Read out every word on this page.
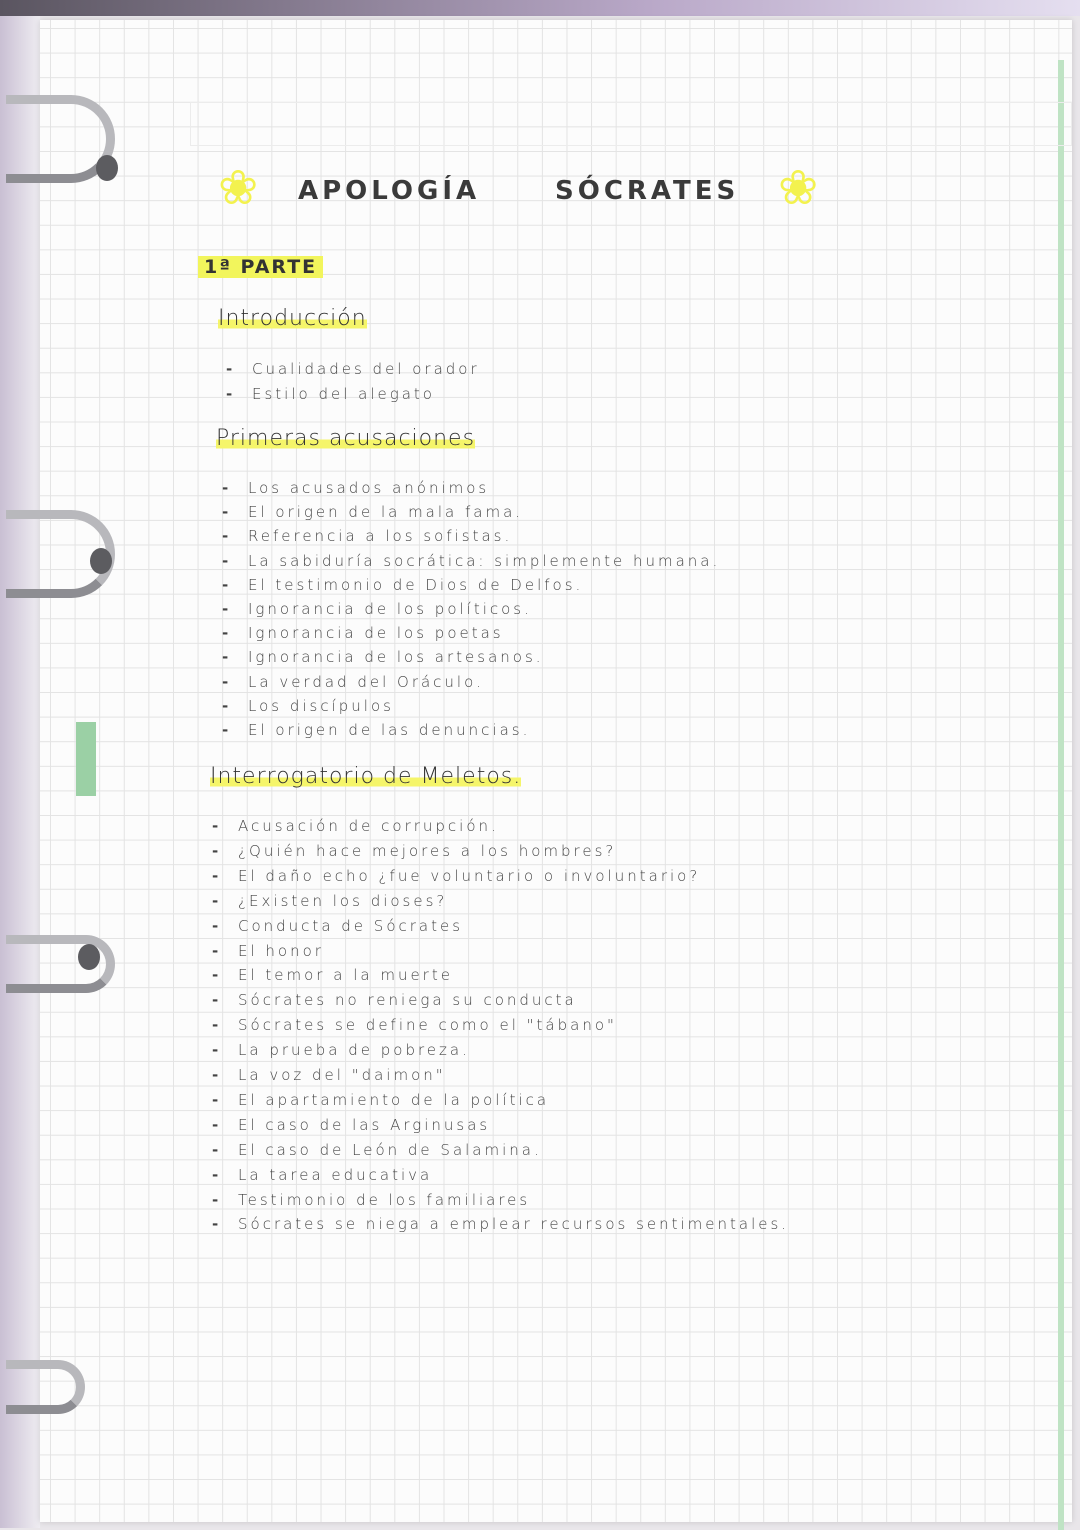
❀ APOLOGÍA	SÓCRATES ❀
1ª PARTE
Introducción
- Cualidades del orador
- Estilo del alegato
Primeras acusaciones
- Los acusados anónimos
- El origen de la mala fama.
- Referencia a los sofistas.
- La sabiduría socrática: simplemente humana.
- El testimonio de Dios de Delfos.
- Ignorancia de los políticos.
- Ignorancia de los poetas
- Ignorancia de los artesanos.
- La verdad del Oráculo.
- Los discípulos
- El origen de las denuncias.
Interrogatorio de Meletos.
- Acusación de corrupción.
- ¿Quién hace mejores a los hombres?
- El daño echo ¿fue voluntario o involuntario?
- ¿Existen los dioses?
- Conducta de Sócrates
- El honor
- El temor a la muerte
- Sócrates no reniega su conducta
- Sócrates se define como el "tábano"
- La prueba de pobreza.
- La voz del "daimon"
- El apartamiento de la política
- El caso de las Arginusas
- El caso de León de Salamina.
- La tarea educativa
- Testimonio de los familiares
- Sócrates se niega a emplear recursos sentimentales.
